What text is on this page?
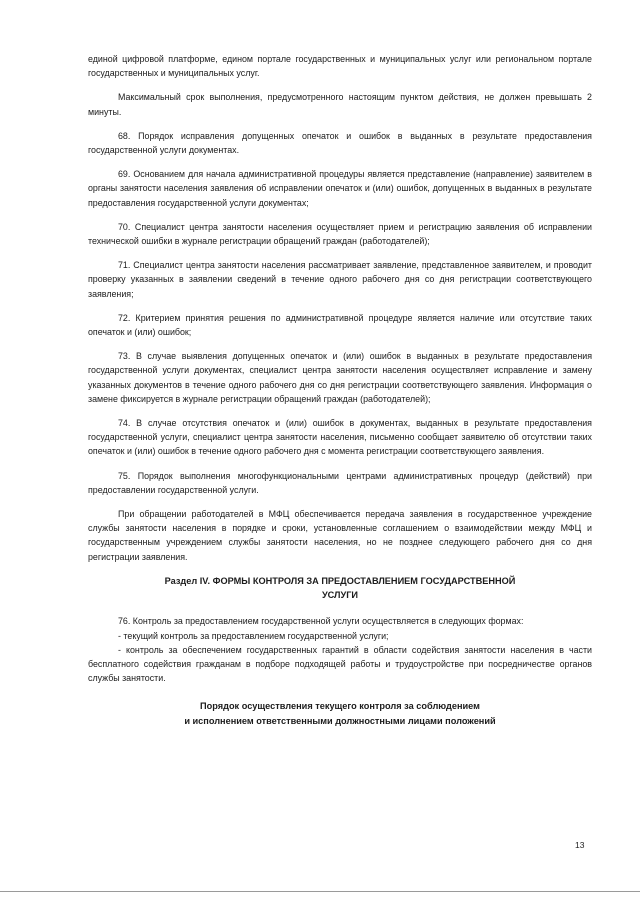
единой цифровой платформе, едином портале государственных и муниципальных услуг или региональном портале государственных и муниципальных услуг.

Максимальный срок выполнения, предусмотренного настоящим пунктом действия, не должен превышать 2 минуты.

68. Порядок исправления допущенных опечаток и ошибок в выданных в результате предоставления государственной услуги документах.

69. Основанием для начала административной процедуры является представление (направление) заявителем в органы занятости населения заявления об исправлении опечаток и (или) ошибок, допущенных в выданных в результате предоставления государственной услуги документах;

70. Специалист центра занятости населения осуществляет прием и регистрацию заявления об исправлении технической ошибки в журнале регистрации обращений граждан (работодателей);

71. Специалист центра занятости населения рассматривает заявление, представленное заявителем, и проводит проверку указанных в заявлении сведений в течение одного рабочего дня со дня регистрации соответствующего заявления;

72. Критерием принятия решения по административной процедуре является наличие или отсутствие таких опечаток и (или) ошибок;

73. В случае выявления допущенных опечаток и (или) ошибок в выданных в результате предоставления государственной услуги документах, специалист центра занятости населения осуществляет исправление и замену указанных документов в течение одного рабочего дня со дня регистрации соответствующего заявления. Информация о замене фиксируется в журнале регистрации обращений граждан (работодателей);

74. В случае отсутствия опечаток и (или) ошибок в документах, выданных в результате предоставления государственной услуги, специалист центра занятости населения, письменно сообщает заявителю об отсутствии таких опечаток и (или) ошибок в течение одного рабочего дня с момента регистрации соответствующего заявления.

75. Порядок выполнения многофункциональными центрами административных процедур (действий) при предоставлении государственной услуги.

При обращении работодателей в МФЦ обеспечивается передача заявления в государственное учреждение службы занятости населения в порядке и сроки, установленные соглашением о взаимодействии между МФЦ и государственным учреждением службы занятости населения, но не позднее следующего рабочего дня со дня регистрации заявления.

Раздел IV. ФОРМЫ КОНТРОЛЯ ЗА ПРЕДОСТАВЛЕНИЕМ ГОСУДАРСТВЕННОЙ
УСЛУГИ

76. Контроль за предоставлением государственной услуги осуществляется в следующих формах:

- текущий контроль за предоставлением государственной услуги;

- контроль за обеспечением государственных гарантий в области содействия занятости населения в части бесплатного содействия гражданам в подборе подходящей работы и трудоустройстве при посредничестве органов службы занятости.

Порядок осуществления текущего контроля за соблюдением
и исполнением ответственными должностными лицами положений
13
